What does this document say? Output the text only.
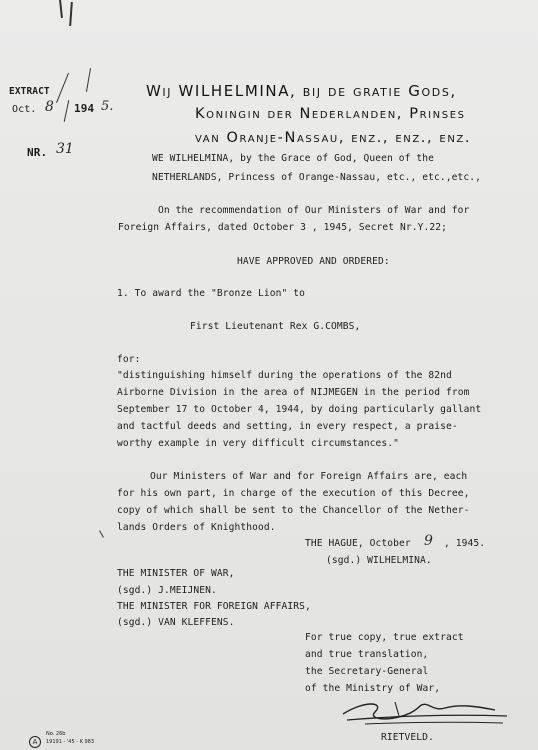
EXTRACT
Oct. 8 194 5.
NR. 31
Wij WILHELMINA, bij de gratie Gods,
Koningin der Nederlanden, Prinses
van Oranje-Nassau, enz., enz., enz.
WE WILHELMINA, by the Grace of God, Queen of the
NETHERLANDS, Princess of Orange-Nassau, etc., etc.,etc.,
On the recommendation of Our Ministers of War and for
Foreign Affairs, dated October 3 , 1945, Secret Nr.Y.22;
HAVE APPROVED AND ORDERED:
1. To award the "Bronze Lion" to
First Lieutenant Rex G.COMBS,
for:
"distinguishing himself during the operations of the 82nd
Airborne Division in the area of NIJMEGEN in the period from
September 17 to October 4, 1944, by doing particularly gallant
and tactful deeds and setting, in every respect, a praise-
worthy example in very difficult circumstances."
Our Ministers of War and for Foreign Affairs are, each
for his own part, in charge of the execution of this Decree,
copy of which shall be sent to the Chancellor of the Nether-
lands Orders of Knighthood.
THE HAGUE, October 9 , 1945.
(sgd.) WILHELMINA.
THE MINISTER OF WAR,
(sgd.) J.MEIJNEN.
THE MINISTER FOR FOREIGN AFFAIRS,
(sgd.) VAN KLEFFENS.
For true copy, true extract
and true translation,
the Secretary-General
of the Ministry of War,
RIETVELD.
No. 26b
19191 - '45 - K 983
A
